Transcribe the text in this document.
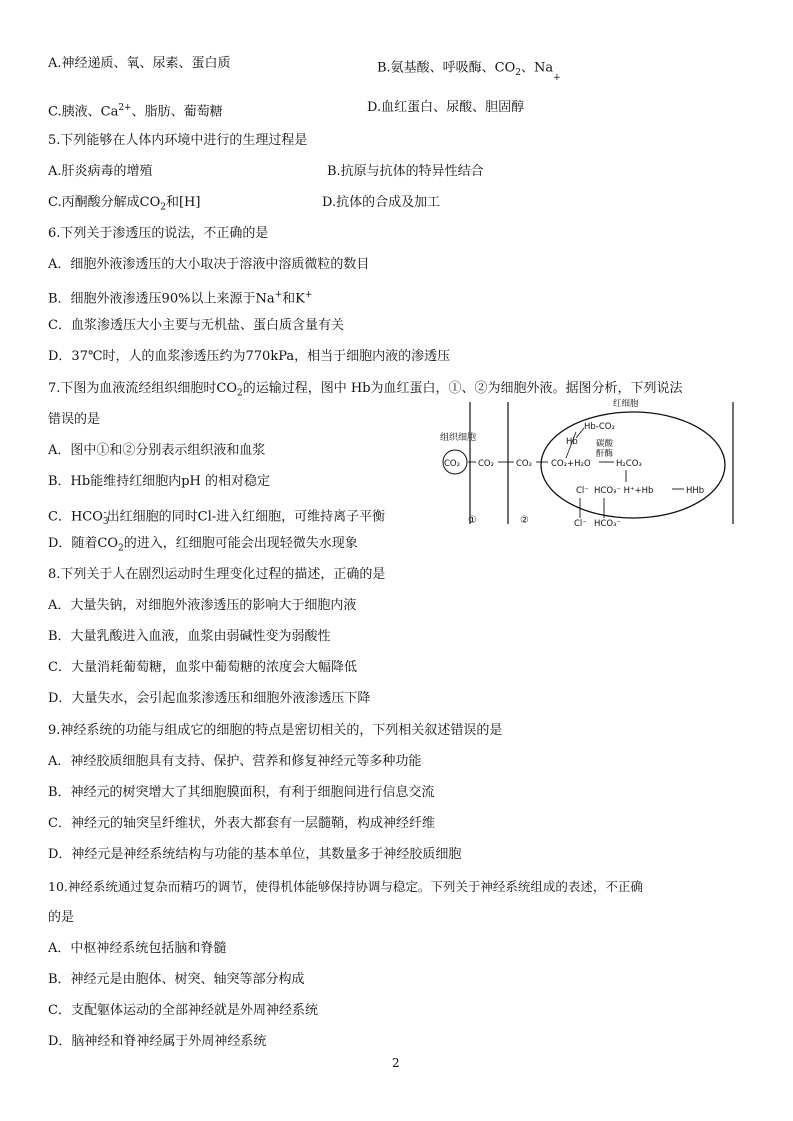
A.神经递质、氧、尿素、蛋白质	B.氨基酸、呼吸酶、$CO_2$、Na+
C.胰液、$Ca^{2+}$、脂肪、葡萄糖	D.血红蛋白、尿酸、胆固醇
5.下列能够在人体内环境中进行的生理过程是
A.肝炎病毒的增殖	B.抗原与抗体的特异性结合
C.丙酮酸分解成$CO_2$和[H]	D.抗体的合成及加工
6.下列关于渗透压的说法，不正确的是
A．细胞外液渗透压的大小取决于溶液中溶质微粒的数目
B．细胞外液渗透压90%以上来源于Na+和K+
C．血浆渗透压大小主要与无机盐、蛋白质含量有关
D．37℃时，人的血浆渗透压约为770kPa，相当于细胞内液的渗透压
7.下图为血液流经组织细胞时$CO_2$的运输过程，图中 Hb为血红蛋白，①、②为细胞外液。据图分析，下列说法
错误的是
A．图中①和②分别表示组织液和血浆
B．Hb能维持红细胞内pH 的相对稳定
C．$HCO_3^-$出红细胞的同时Cl-进入红细胞，可维持离子平衡
D．随着$CO_2$的进入，红细胞可能会出现轻微失水现象
组织细胞
CO₂ CO₂	CO₂
红细胞
CO₂+H₂O
Hb-CO₂
Hb 碳酸
酐酶
H₂CO₃
HCO₃⁻ H⁺+Hb	HHb
Cl⁻
Cl⁻ HCO₃⁻
①	②
8.下列关于人在剧烈运动时生理变化过程的描述，正确的是
A．大量失钠，对细胞外液渗透压的影响大于细胞内液
B．大量乳酸进入血液，血浆由弱碱性变为弱酸性
C．大量消耗葡萄糖，血浆中葡萄糖的浓度会大幅降低
D．大量失水，会引起血浆渗透压和细胞外液渗透压下降
9.神经系统的功能与组成它的细胞的特点是密切相关的，下列相关叙述错误的是
A．神经胶质细胞具有支持、保护、营养和修复神经元等多种功能
B．神经元的树突增大了其细胞膜面积，有利于细胞间进行信息交流
C．神经元的轴突呈纤维状，外表大都套有一层髓鞘，构成神经纤维
D．神经元是神经系统结构与功能的基本单位，其数量多于神经胶质细胞
10.神经系统通过复杂而精巧的调节，使得机体能够保持协调与稳定。下列关于神经系统组成的表述，不正确
的是
A．中枢神经系统包括脑和脊髓
B．神经元是由胞体、树突、轴突等部分构成
C．支配躯体运动的全部神经就是外周神经系统
D．脑神经和脊神经属于外周神经系统
2
